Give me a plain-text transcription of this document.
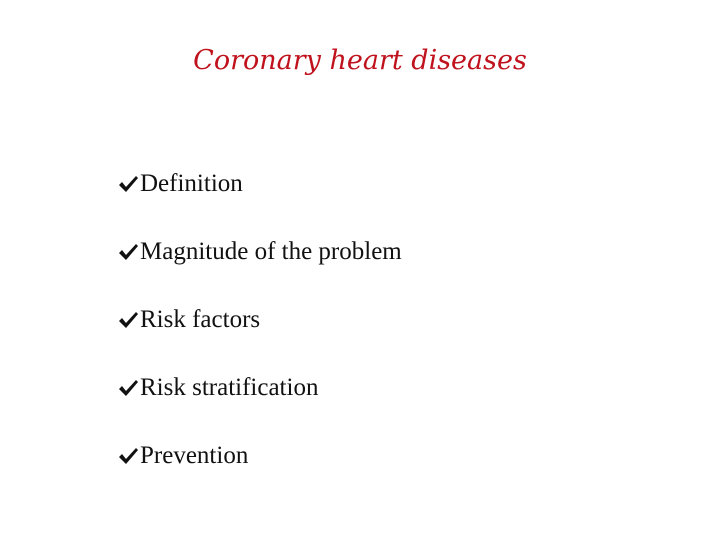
Coronary heart diseases
Definition
Magnitude of the problem
Risk factors
Risk stratification
Prevention
